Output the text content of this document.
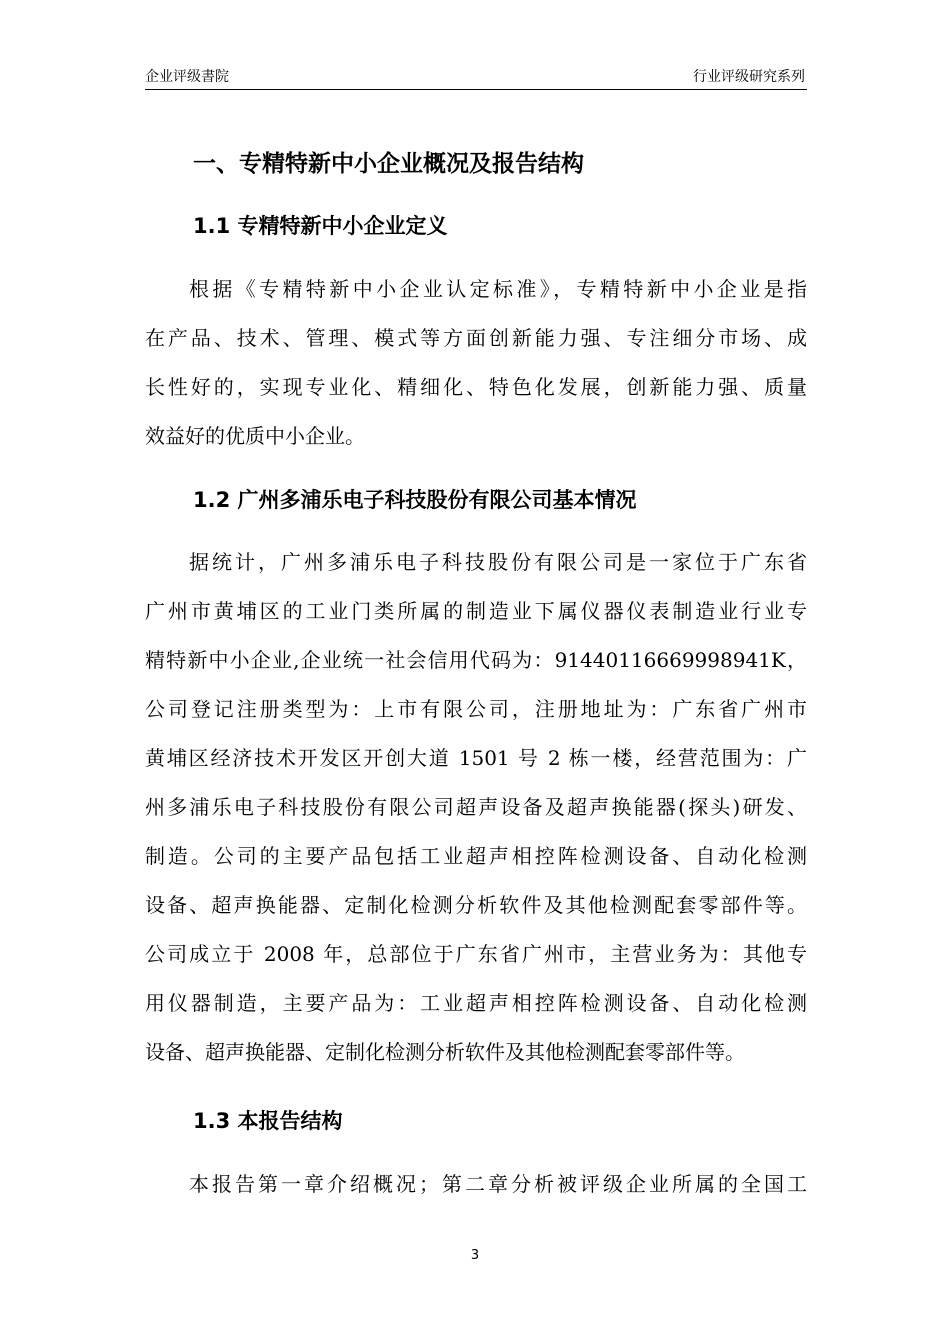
企业评级書院	行业评级研究系列
一、专精特新中小企业概况及报告结构
1.1 专精特新中小企业定义
根据《专精特新中小企业认定标准》，专精特新中小企业是指
在产品、技术、管理、模式等方面创新能力强、专注细分市场、成
长性好的，实现专业化、精细化、特色化发展，创新能力强、质量
效益好的优质中小企业。
1.2 广州多浦乐电子科技股份有限公司基本情况
据统计，广州多浦乐电子科技股份有限公司是一家位于广东省
广州市黄埔区的工业门类所属的制造业下属仪器仪表制造业行业专
精特新中小企业,企业统一社会信用代码为：91440116669998941K，
公司登记注册类型为：上市有限公司，注册地址为：广东省广州市
黄埔区经济技术开发区开创大道 1501 号 2 栋一楼，经营范围为：广
州多浦乐电子科技股份有限公司超声设备及超声换能器(探头)研发、
制造。公司的主要产品包括工业超声相控阵检测设备、自动化检测
设备、超声换能器、定制化检测分析软件及其他检测配套零部件等。
公司成立于 2008 年，总部位于广东省广州市，主营业务为：其他专
用仪器制造，主要产品为：工业超声相控阵检测设备、自动化检测
设备、超声换能器、定制化检测分析软件及其他检测配套零部件等。
1.3 本报告结构
本报告第一章介绍概况；第二章分析被评级企业所属的全国工
3
